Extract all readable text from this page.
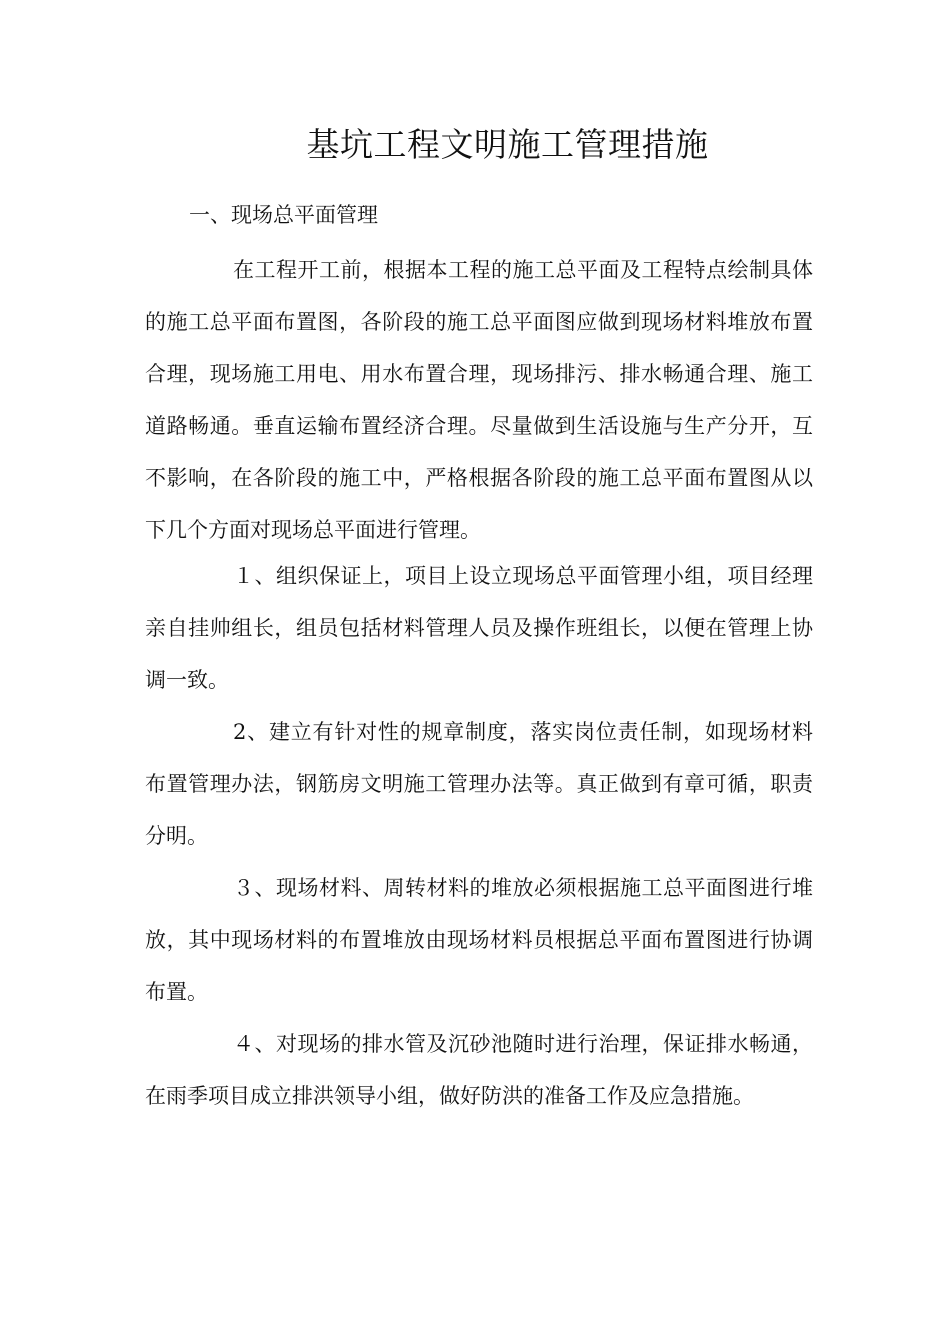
基坑工程文明施工管理措施
一、现场总平面管理

在工程开工前，根据本工程的施工总平面及工程特点绘制具体的施工总平面布置图，各阶段的施工总平面图应做到现场材料堆放布置合理，现场施工用电、用水布置合理，现场排污、排水畅通合理、施工道路畅通。垂直运输布置经济合理。尽量做到生活设施与生产分开，互不影响，在各阶段的施工中，严格根据各阶段的施工总平面布置图从以下几个方面对现场总平面进行管理。

１、组织保证上，项目上设立现场总平面管理小组，项目经理亲自挂帅组长，组员包括材料管理人员及操作班组长，以便在管理上协调一致。

2、建立有针对性的规章制度，落实岗位责任制，如现场材料布置管理办法，钢筋房文明施工管理办法等。真正做到有章可循，职责分明。

３、现场材料、周转材料的堆放必须根据施工总平面图进行堆放，其中现场材料的布置堆放由现场材料员根据总平面布置图进行协调布置。

４、对现场的排水管及沉砂池随时进行治理，保证排水畅通，在雨季项目成立排洪领导小组，做好防洪的准备工作及应急措施。
